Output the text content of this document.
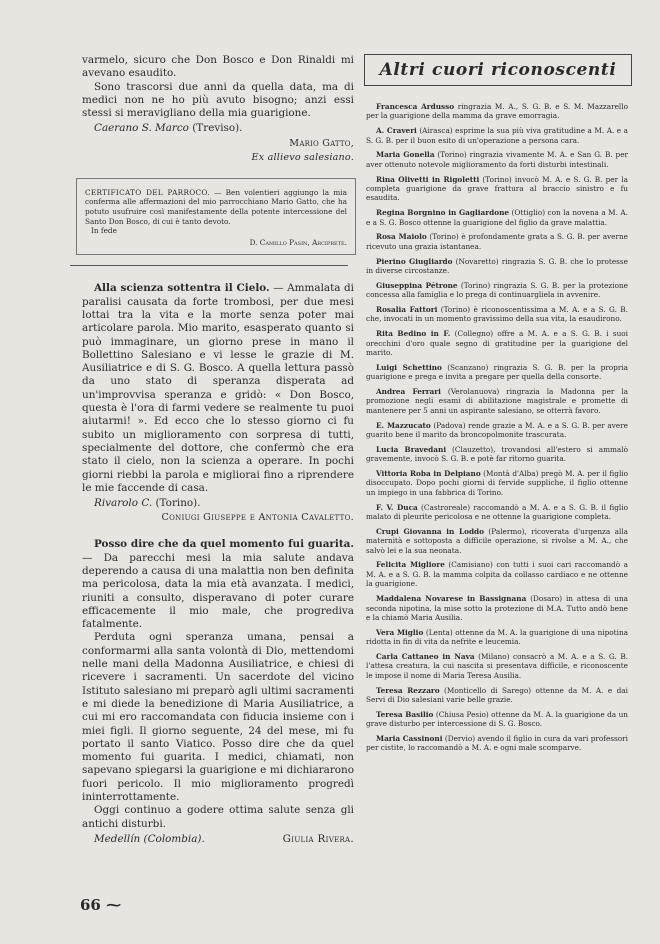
varmelo, sicuro che Don Bosco e Don Rinaldi mi avevano esaudito.

Sono trascorsi due anni da quella data, ma di medici non ne ho più avuto bisogno; anzi essi stessi si meravigliano della mia guarigione.

Caerano S. Marco (Treviso).

Mario Gatto,

Ex allievo salesiano.

CERTIFICATO DEL PARROCO. — Ben volentieri aggiungo la mia conferma alle affermazioni del mio parrocchiano Mario Gatto, che ha potuto usufruire così manifestamente della potente intercessione del Santo Don Bosco, di cui è tanto devoto.

In fede

D. Camillo Pasin, Arciprete.

Alla scienza sottentra il Cielo. — Ammalata di paralisi causata da forte trombosi, per due mesi lottai tra la vita e la morte senza poter mai articolare parola. Mio marito, esasperato quanto si può immaginare, un giorno prese in mano il Bollettino Salesiano e vi lesse le grazie di M. Ausiliatrice e di S. G. Bosco. A quella lettura passò da uno stato di speranza disperata ad un'improvvisa speranza e gridò: « Don Bosco, questa è l'ora di farmi vedere se realmente tu puoi aiutarmi! ». Ed ecco che lo stesso giorno ci fu subito un miglioramento con sorpresa di tutti, specialmente del dottore, che confermò che era stato il cielo, non la scienza a operare. In pochi giorni riebbi la parola e migliorai fino a riprendere le mie faccende di casa.

Rivarolo C. (Torino).

Coniugi Giuseppe e Antonia Cavaletto.

Posso dire che da quel momento fui guarita. — Da parecchi mesi la mia salute andava deperendo a causa di una malattia non ben definita ma pericolosa, data la mia età avanzata. I medici, riuniti a consulto, disperavano di poter curare efficacemente il mio male, che progrediva fatalmente.

Perduta ogni speranza umana, pensai a conformarmi alla santa volontà di Dio, mettendomi nelle mani della Madonna Ausiliatrice, e chiesi di ricevere i sacramenti. Un sacerdote del vicino Istituto salesiano mi preparò agli ultimi sacramenti e mi diede la benedizione di Maria Ausiliatrice, a cui mi ero raccomandata con fiducia insieme con i miei figli. Il giorno seguente, 24 del mese, mi fu portato il santo Viatico. Posso dire che da quel momento fui guarita. I medici, chiamati, non sapevano spiegarsi la guarigione e mi dichiararono fuori pericolo. Il mio miglioramento progredì ininterrottamente.

Oggi continuo a godere ottima salute senza gli antichi disturbi.

Medellín (Colombia).	Giulia Rivera.
66 ⁓
Altri cuori riconoscenti

Francesca Ardusso ringrazia M. A., S. G. B. e S. M. Mazzarello per la guarigione della mamma da grave emorragia.

A. Craveri (Airasca) esprime la sua più viva gratitudine a M. A. e a S. G. B. per il buon esito di un'operazione a persona cara.

Maria Gonella (Torino) ringrazia vivamente M. A. e San G. B. per aver ottenuto notevole miglioramento da forti disturbi intestinali.

Rina Olivetti in Rigoletti (Torino) invocò M. A. e S. G. B. per la completa guarigione da grave frattura al braccio sinistro e fu esaudita.

Regina Borgnino in Gagliardone (Ottiglio) con la novena a M. A. e a S. G. Bosco ottenne la guarigione del figlio da grave malattia.

Rosa Maiolo (Torino) è profondamente grata a S. G. B. per averne ricevuto una grazia istantanea.

Pierino Giugliardo (Novaretto) ringrazia S. G. B. che lo protesse in diverse circostanze.

Giuseppina Pétrone (Torino) ringrazia S. G. B. per la protezione concessa alla famiglia e lo prega di continuargliela in avvenire.

Rosalia Fattori (Torino) è riconoscentissima a M. A. e a S. G. B. che, invocati in un momento gravissimo della sua vita, la esaudirono.

Rita Bedino in F. (Collegno) offre a M. A. e a S. G. B. i suoi orecchini d'oro quale segno di gratitudine per la guarigione del marito.

Luigi Schettino (Scanzano) ringrazia S. G. B. per la propria guarigione e prega e invita a pregare per quella della consorte.

Andrea Ferrari (Verolanuova) ringrazia la Madonna per la promozione negli esami di abilitazione magistrale e promette di mantenere per 5 anni un aspirante salesiano, se otterrà favoro.

E. Mazzucato (Padova) rende grazie a M. A. e a S. G. B. per avere guarito bene il marito da broncopolmonite trascurata.

Lucia Bravedani (Clauzetto), trovandosi all'estero si ammalò gravemente, invocò S. G. B. e potè far ritorno guarita.

Vittoria Roba in Delpiano (Montà d'Alba) pregò M. A. per il figlio disoccupato. Dopo pochi giorni di fervide suppliche, il figlio ottenne un impiego in una fabbrica di Torino.

F. V. Duca (Castroreale) raccomandò a M. A. e a S. G. B. il figlio malato di pleurite pericolosa e ne ottenne la guarigione completa.

Crupi Giovanna in Loddo (Palermo), ricoverata d'urgenza alla maternità e sottoposta a difficile operazione, si rivolse a M. A., che salvò lei e la sua neonata.

Felicita Migliore (Camisiano) con tutti i suoi cari raccomandò a M. A. e a S. G. B. la mamma colpita da collasso cardiaco e ne ottenne la guarigione.

Maddalena Novarese in Bassignana (Dosaro) in attesa di una seconda nipotina, la mise sotto la protezione di M.A. Tutto andò bene e la chiamò Maria Ausilia.

Vera Miglio (Lenta) ottenne da M. A. la guarigione di una nipotina ridotta in fin di vita da nefrite e leucemia.

Carla Cattaneo in Nava (Milano) consacrò a M. A. e a S. G. B. l'attesa creatura, la cui nascita si presentava difficile, e riconoscente le impose il nome di Maria Teresa Ausilia.

Teresa Rezzaro (Monticello di Sarego) ottenne da M. A. e dai Servi di Dio salesiani varie belle grazie.

Teresa Basilio (Chiusa Pesio) ottenne da M. A. la guarigione da un grave disturbo per intercessione di S. G. Bosco.

Maria Cassinoni (Dervio) avendo il figlio in cura da vari professori per cistite, lo raccomandò a M. A. e ogni male scomparve.
